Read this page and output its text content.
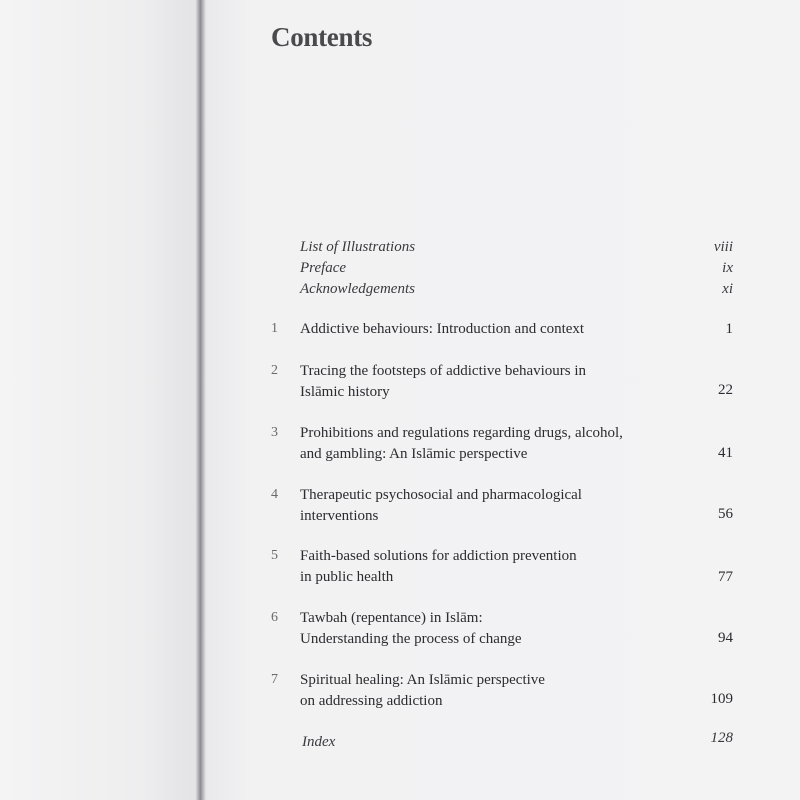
Contents
List of Illustrations	viii
Preface	ix
Acknowledgements	xi
1 Addictive behaviours: Introduction and context	1
2 Tracing the footsteps of addictive behaviours in
Islāmic history	22
3 Prohibitions and regulations regarding drugs, alcohol,
and gambling: An Islāmic perspective	41
4 Therapeutic psychosocial and pharmacological
interventions	56
5 Faith-based solutions for addiction prevention
in public health	77
6 Tawbah (repentance) in Islām:
Understanding the process of change	94
7 Spiritual healing: An Islāmic perspective
on addressing addiction	109
Index	128
